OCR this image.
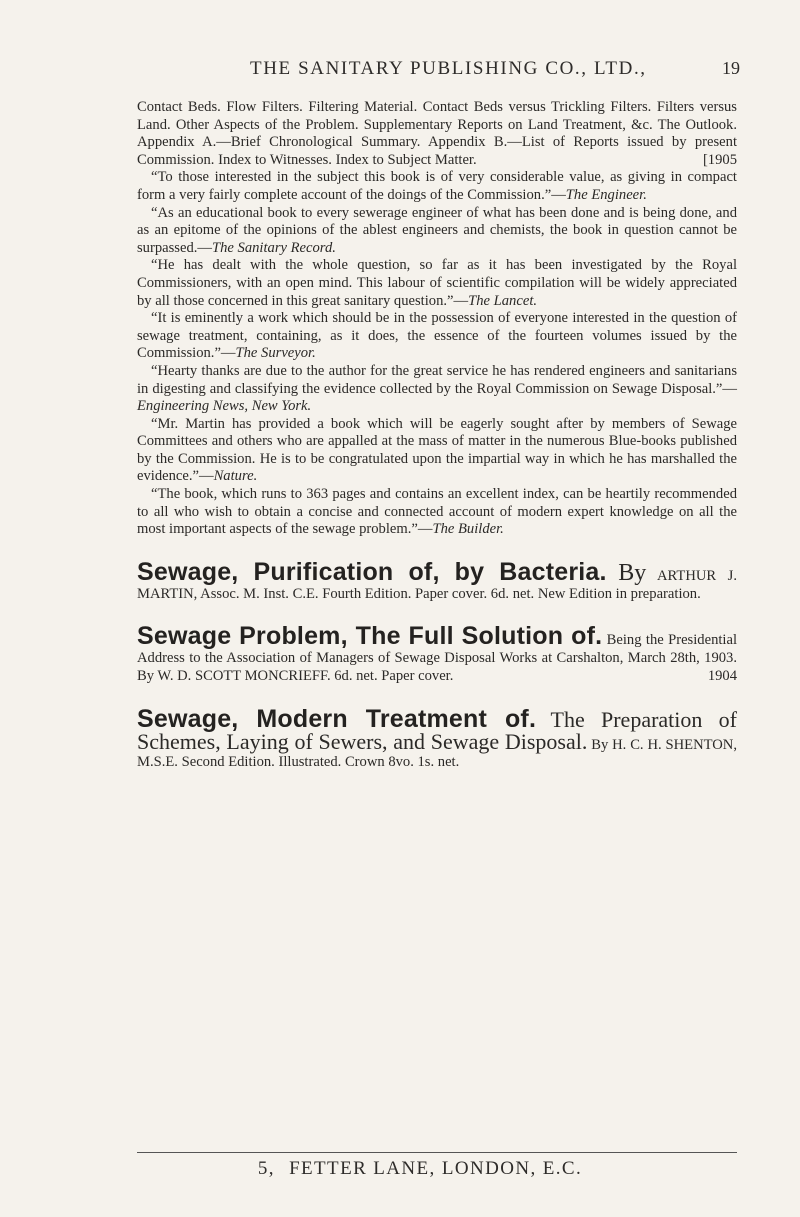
THE SANITARY PUBLISHING CO., LTD.,	19

Contact Beds. Flow Filters. Filtering Material. Contact Beds versus Trickling Filters. Filters versus Land. Other Aspects of the Problem. Supplementary Reports on Land Treatment, &c. The Outlook. Appendix A.—Brief Chronological Summary. Appendix B.—List of Reports issued by present Commission. Index to Witnesses. Index to Subject Matter.	[1905

“To those interested in the subject this book is of very considerable value, as giving in compact form a very fairly complete account of the doings of the Commission.”—The Engineer.

“As an educational book to every sewerage engineer of what has been done and is being done, and as an epitome of the opinions of the ablest engineers and chemists, the book in question cannot be surpassed.—The Sanitary Record.

“He has dealt with the whole question, so far as it has been investigated by the Royal Commissioners, with an open mind. This labour of scientific compilation will be widely appreciated by all those concerned in this great sanitary question.”—The Lancet.

“It is eminently a work which should be in the possession of everyone interested in the question of sewage treatment, containing, as it does, the essence of the fourteen volumes issued by the Commission.”—The Surveyor.

“Hearty thanks are due to the author for the great service he has rendered engineers and sanitarians in digesting and classifying the evidence collected by the Royal Commission on Sewage Disposal.”—Engineering News, New York.

“Mr. Martin has provided a book which will be eagerly sought after by members of Sewage Committees and others who are appalled at the mass of matter in the numerous Blue-books published by the Commission. He is to be congratulated upon the impartial way in which he has marshalled the evidence.”—Nature.

“The book, which runs to 363 pages and contains an excellent index, can be heartily recommended to all who wish to obtain a concise and connected account of modern expert knowledge on all the most important aspects of the sewage problem.”—The Builder.

Sewage, Purification of, by Bacteria. By ARTHUR J. MARTIN, Assoc. M. Inst. C.E. Fourth Edition. Paper cover. 6d. net. New Edition in preparation.

Sewage Problem, The Full Solution of. Being the Presidential Address to the Association of Managers of Sewage Disposal Works at Carshalton, March 28th, 1903. By W. D. SCOTT MONCRIEFF. 6d. net. Paper cover.	1904

Sewage, Modern Treatment of. The Preparation of Schemes, Laying of Sewers, and Sewage Disposal. By H. C. H. SHENTON, M.S.E. Second Edition. Illustrated. Crown 8vo. 1s. net.

5, FETTER LANE, LONDON, E.C.
